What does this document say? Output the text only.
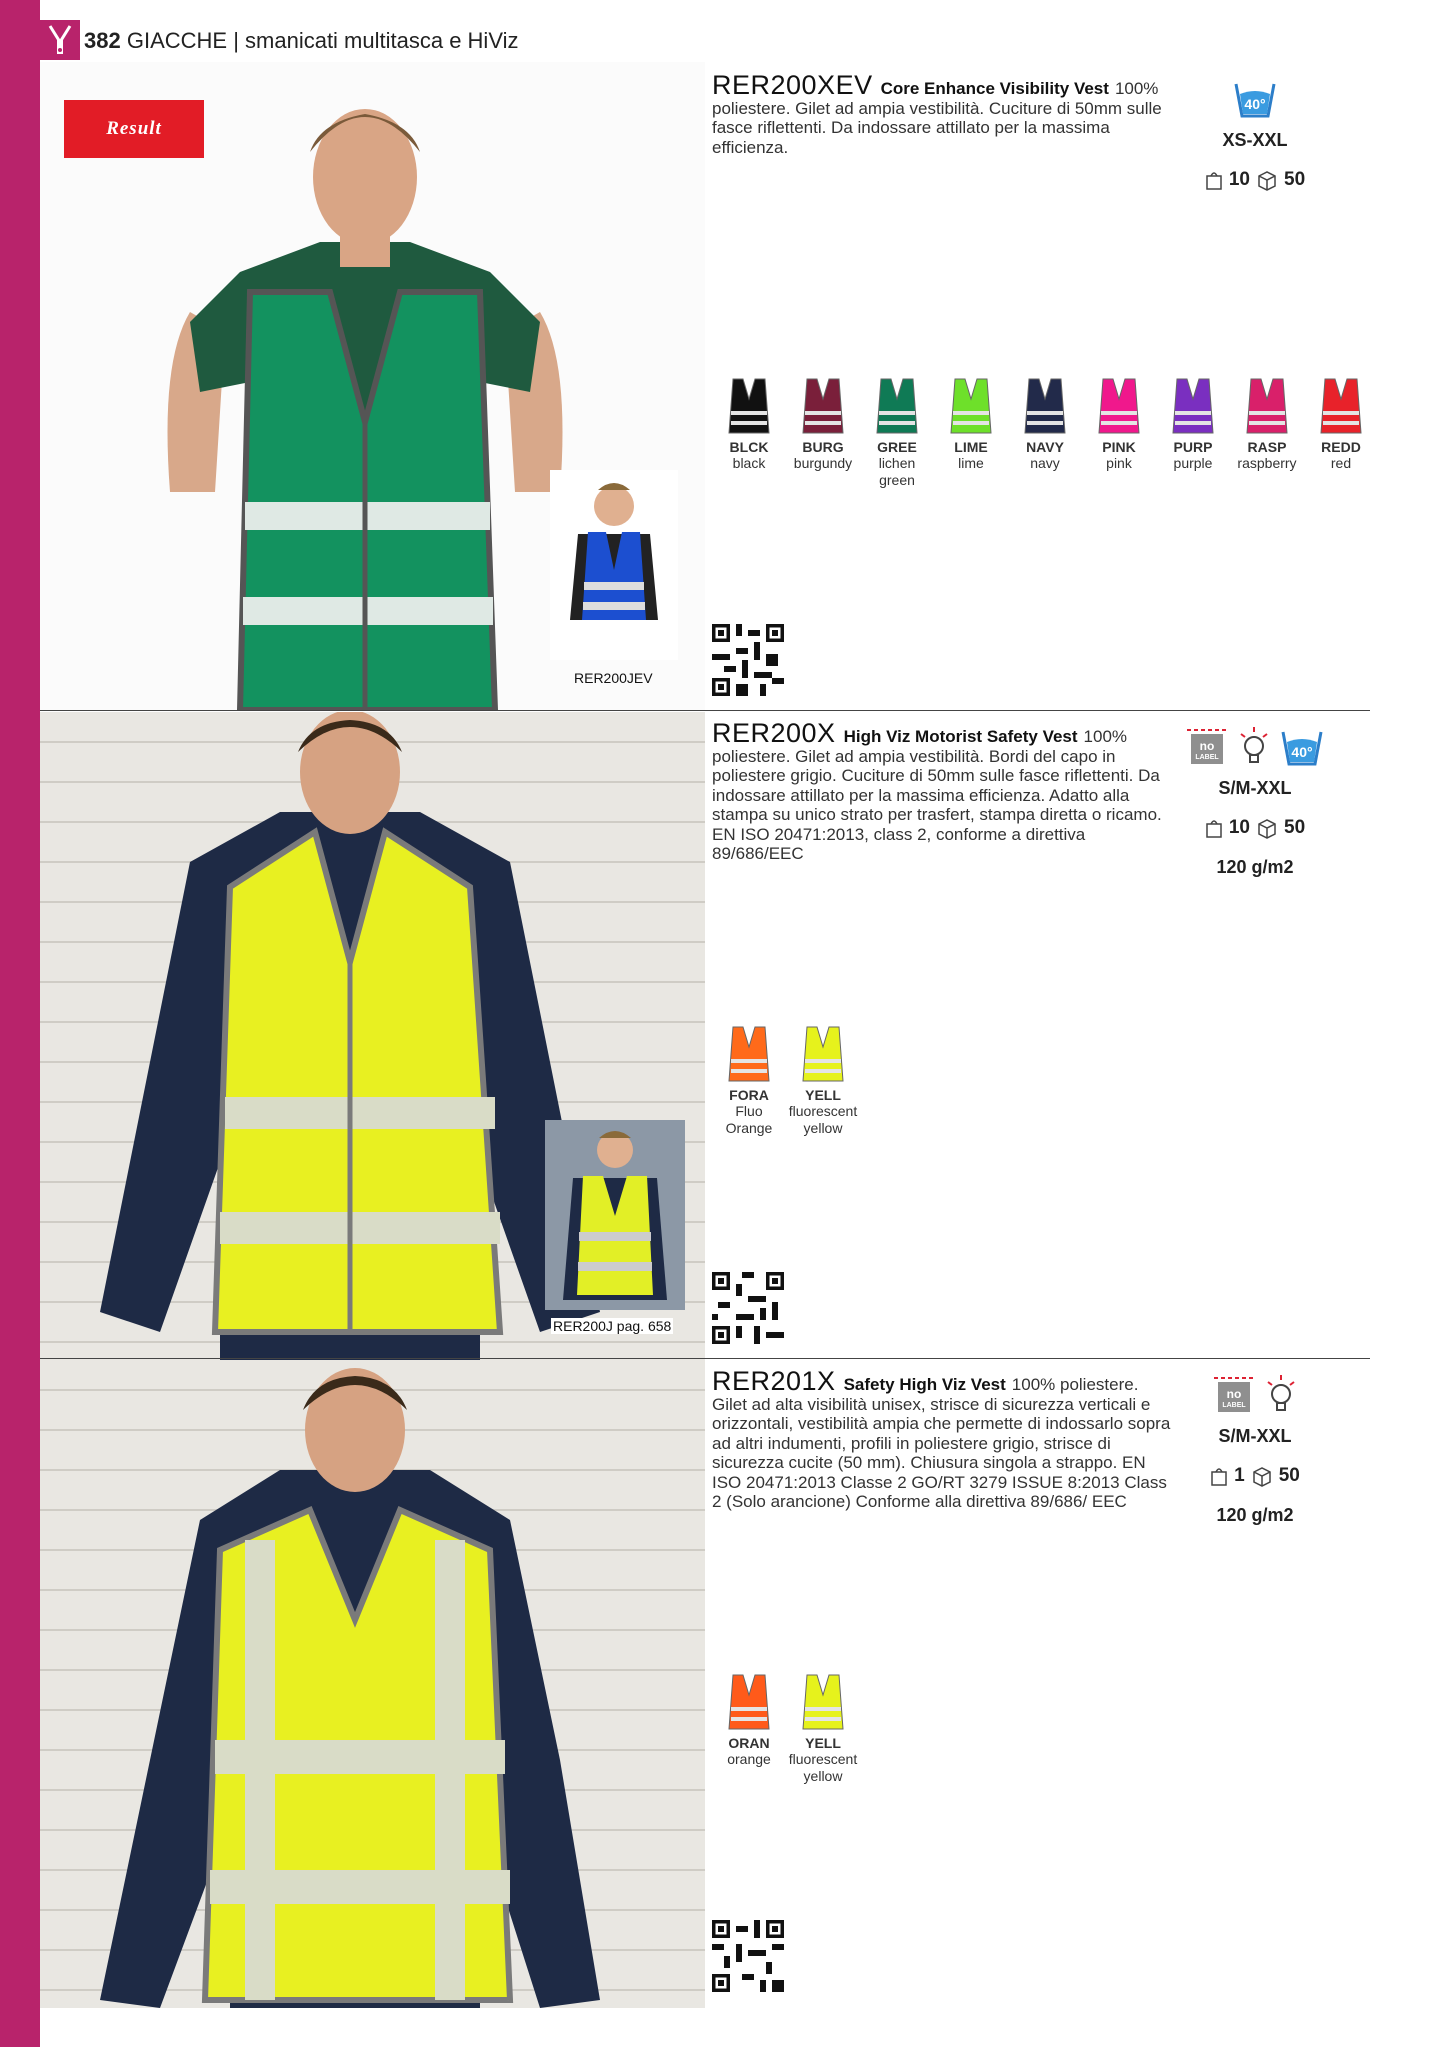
382 GIACCHE | smanicati multitasca e HiViz
Result
RER200JEV
RER200XEV Core Enhance Visibility Vest 100% poliestere. Gilet ad ampia vestibilità. Cuciture di 50mm sulle fasce riflettenti. Da indossare attillato per la massima efficienza.
40°
XS-XXL
10 50
BLCK
black
BURG
burgundy
GREE
lichen green
LIME
lime
NAVY
navy
PINK
pink
PURP
purple
RASP
raspberry
REDD
red
RER200J pag. 658
RER200X High Viz Motorist Safety Vest 100% poliestere. Gilet ad ampia vestibilità. Bordi del capo in poliestere grigio. Cuciture di 50mm sulle fasce riflettenti. Da indossare attillato per la massima efficienza. Adatto alla stampa su unico strato per trasfert, stampa diretta o ricamo. EN ISO 20471:2013, class 2, conforme a direttiva 89/686/EEC
no
LABEL	40°
S/M-XXL
10 50
120 g/m2
FORA
Fluo Orange
YELL
fluorescent yellow
RER201X Safety High Viz Vest 100% poliestere. Gilet ad alta visibilità unisex, strisce di sicurezza verticali e orizzontali, vestibilità ampia che permette di indossarlo sopra ad altri indumenti, profili in poliestere grigio, strisce di sicurezza cucite (50 mm). Chiusura singola a strappo. EN ISO 20471:2013 Classe 2 GO/RT 3279 ISSUE 8:2013 Class 2 (Solo arancione) Conforme alla direttiva 89/686/ EEC
no
LABEL
S/M-XXL
1 50
120 g/m2
ORAN
orange
YELL
fluorescent yellow
